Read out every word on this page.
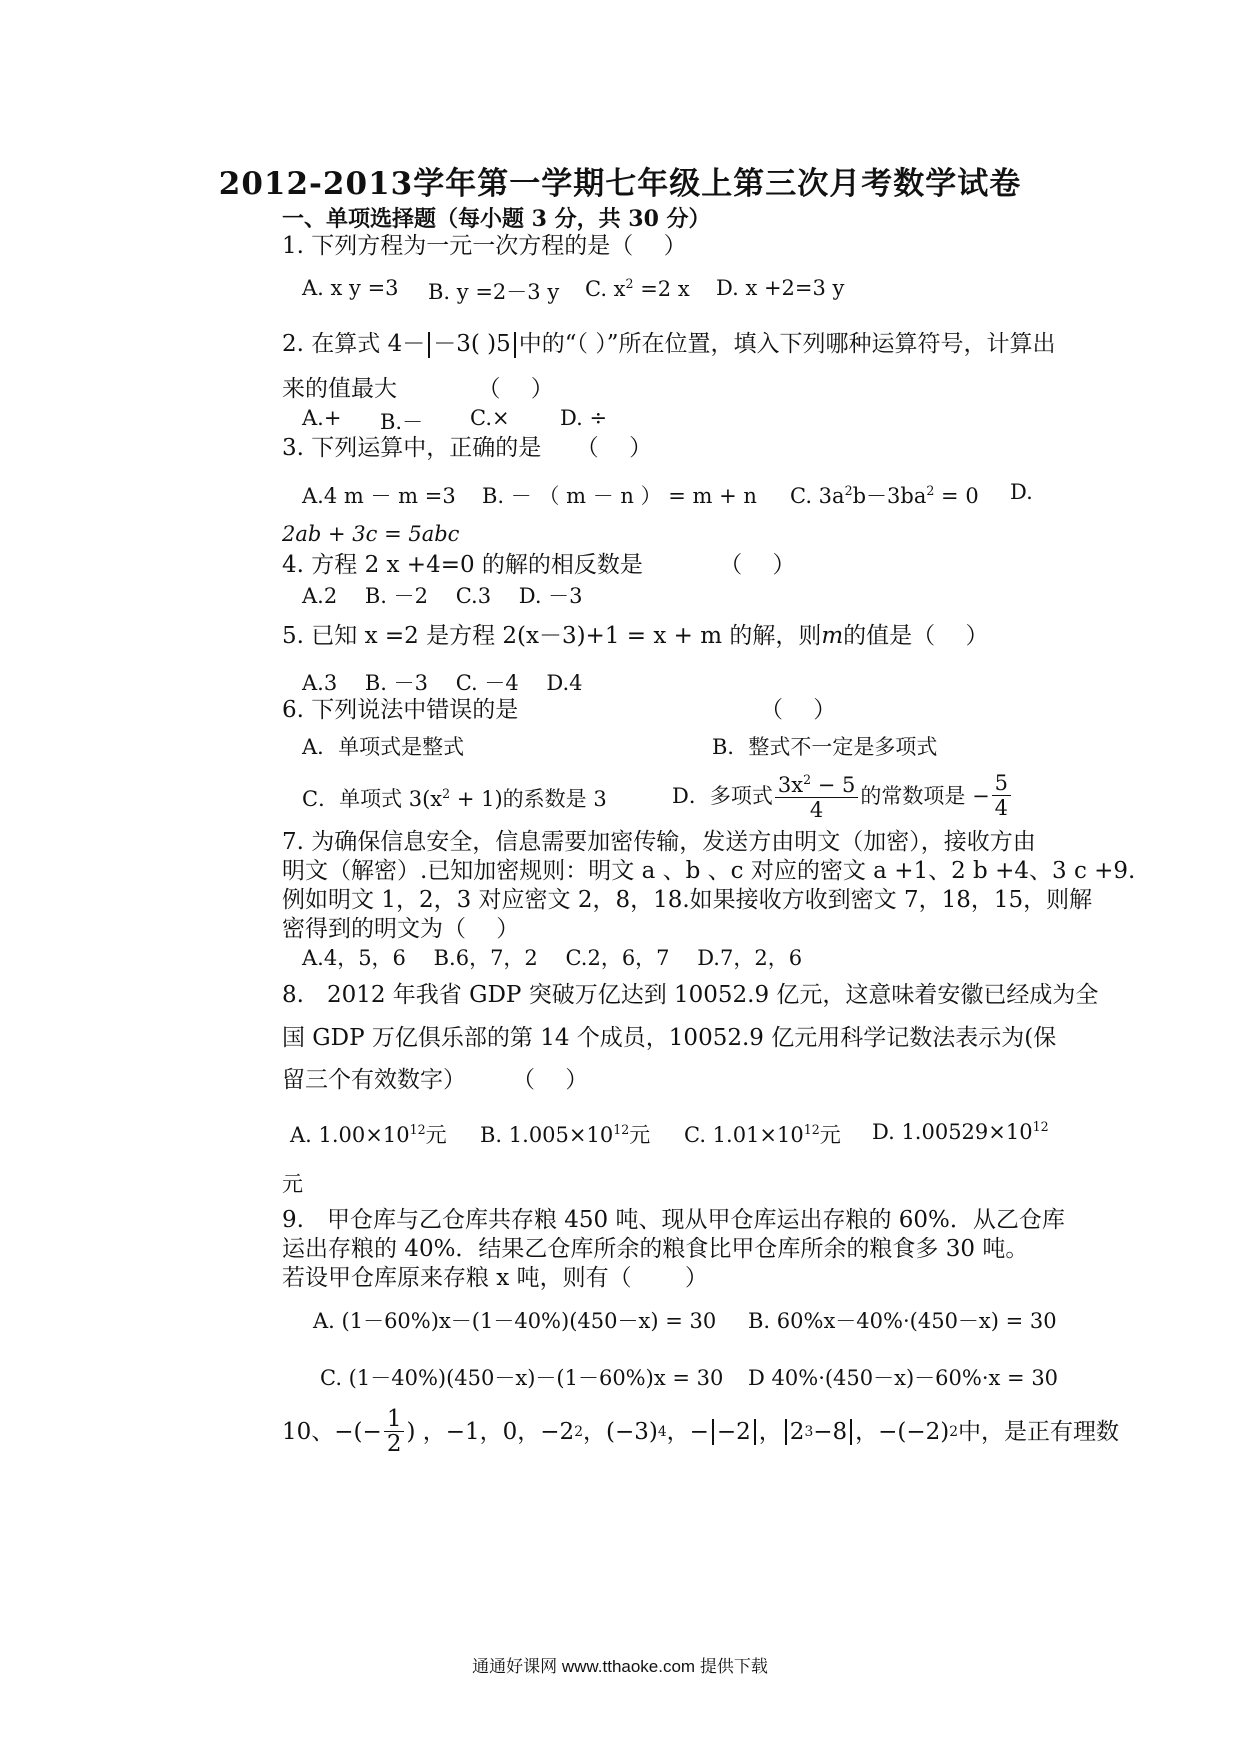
2012-2013学年第一学期七年级上第三次月考数学试卷
一、单项选择题（每小题 3 分，共 30 分）
1. 下列方程为一元一次方程的是（　 ）
A. x y =3 B. y =2－3 y C. $x^2 =2$ x D. x +2=3 y
2. 在算式 4－ －3( )5 中的“（ ）”所在位置，填入下列哪种运算符号，计算出
来的值最大　　　　（　 ）
A.+ B.－ C.× D. ÷
3. 下列运算中，正确的是　　（　 ）
A.4 m － m =3 B. － （ m － n ） = m + n C. $3a^2b-3ba^2 = 0$ D.
2ab + 3c = 5abc
4. 方程 2 x +4=0 的解的相反数是　　　 （　 ）
A.2　 B. －2　 C.3　 D. －3
5. 已知 x =2 是方程 2(x－3)+1 = x + m 的解，则m的值是（　 ）
A.3　 B. －3　 C. －4　 D.4
6. 下列说法中错误的是	（　 ）
A．单项式是整式	B．整式不一定是多项式
C．单项式 $3(x^2 + 1)$的系数是 3	D．多项式 $3x^2 - 5$
4
的常数项是 − $\frac{5}{4}$
7. 为确保信息安全，信息需要加密传输，发送方由明文（加密），接收方由
明文（解密）.已知加密规则：明文 a 、b 、c 对应的密文 a +1、2 b +4、3 c +9.
例如明文 1，2，3 对应密文 2，8，18.如果接收方收到密文 7，18，15，则解
密得到的明文为（　 ）
A.4，5，6　 B.6，7，2　 C.2，6，7　 D.7，2，6
8.　2012 年我省 GDP 突破万亿达到 10052.9 亿元，这意味着安徽已经成为全
国 GDP 万亿俱乐部的第 14 个成员，10052.9 亿元用科学记数法表示为(保
留三个有效数字）　　　（　 ）
A. $1.00\times 10^{12}$元 B. $1.005\times 10^{12}$元 C. $1.01\times 10^{12}$元 D. $1.00529\times 10^{12}$
元
9.　甲仓库与乙仓库共存粮 450 吨、现从甲仓库运出存粮的 60%．从乙仓库
运出存粮的 40%．结果乙仓库所余的粮食比甲仓库所余的粮食多 30 吨。
若设甲仓库原来存粮 x 吨，则有（　　 ）
A. (1－60%)x－(1－40%)(450－x) = 30 B. 60%x－40%·(450－x) = 30
C. (1－40%)(450－x)－(1－60%)x = 30 D 40%·(450－x)－60%·x = 30
10、 −(− $\frac{1}{2}$ ) ，−1，0，−2 2 ，(−3) 4 ，− −2 ， 2 3 −8 ，−(−2) 2 中，是正有理数
通通好课网 www.tthaoke.com 提供下载
